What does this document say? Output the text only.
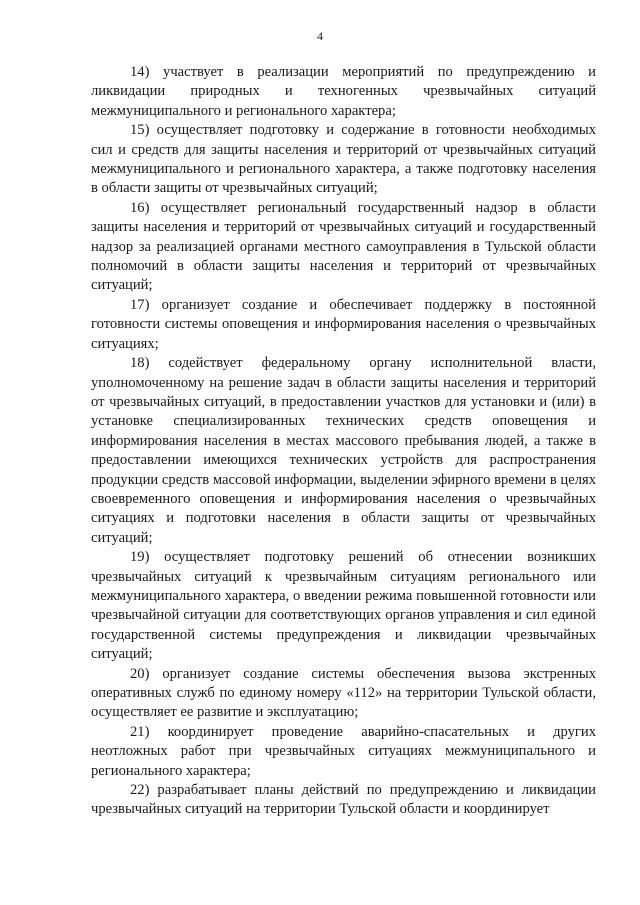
4

14) участвует в реализации мероприятий по предупреждению и ликвидации природных и техногенных чрезвычайных ситуаций межмуниципального и регионального характера;

15) осуществляет подготовку и содержание в готовности необходимых сил и средств для защиты населения и территорий от чрезвычайных ситуаций межмуниципального и регионального характера, а также подготовку населения в области защиты от чрезвычайных ситуаций;

16) осуществляет региональный государственный надзор в области защиты населения и территорий от чрезвычайных ситуаций и государственный надзор за реализацией органами местного самоуправления в Тульской области полномочий в области защиты населения и территорий от чрезвычайных ситуаций;

17) организует создание и обеспечивает поддержку в постоянной готовности системы оповещения и информирования населения о чрезвычайных ситуациях;

18) содействует федеральному органу исполнительной власти, уполномоченному на решение задач в области защиты населения и территорий от чрезвычайных ситуаций, в предоставлении участков для установки и (или) в установке специализированных технических средств оповещения и информирования населения в местах массового пребывания людей, а также в предоставлении имеющихся технических устройств для распространения продукции средств массовой информации, выделении эфирного времени в целях своевременного оповещения и информирования населения о чрезвычайных ситуациях и подготовки населения в области защиты от чрезвычайных ситуаций;

19) осуществляет подготовку решений об отнесении возникших чрезвычайных ситуаций к чрезвычайным ситуациям регионального или межмуниципального характера, о введении режима повышенной готовности или чрезвычайной ситуации для соответствующих органов управления и сил единой государственной системы предупреждения и ликвидации чрезвычайных ситуаций;

20) организует создание системы обеспечения вызова экстренных оперативных служб по единому номеру «112» на территории Тульской области, осуществляет ее развитие и эксплуатацию;

21) координирует проведение аварийно-спасательных и других неотложных работ при чрезвычайных ситуациях межмуниципального и регионального характера;

22) разрабатывает планы действий по предупреждению и ликвидации чрезвычайных ситуаций на территории Тульской области и координирует
